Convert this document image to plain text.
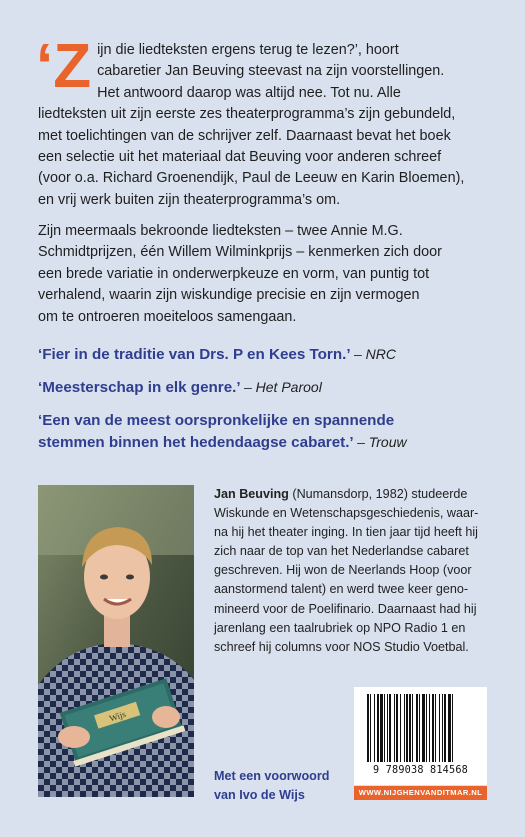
‘Z ijn die liedteksten ergens terug te lezen?’, hoort
cabaretier Jan Beuving steevast na zijn voorstellingen.
Het antwoord daarop was altijd nee. Tot nu. Alle
liedteksten uit zijn eerste zes theaterprogramma’s zijn gebundeld,
met toelichtingen van de schrijver zelf. Daarnaast bevat het boek
een selectie uit het materiaal dat Beuving voor anderen schreef
(voor o.a. Richard Groenendijk, Paul de Leeuw en Karin Bloemen),
en vrij werk buiten zijn theaterprogramma’s om.
Zijn meermaals bekroonde liedteksten – twee Annie M.G.
Schmidtprijzen, één Willem Wilminkprijs – kenmerken zich door
een brede variatie in onderwerpkeuze en vorm, van puntig tot
verhalend, waarin zijn wiskundige precisie en zijn vermogen
om te ontroeren moeiteloos samengaan.
‘Fier in de traditie van Drs. P en Kees Torn.’ – NRC
‘Meesterschap in elk genre.’ – Het Parool
‘Een van de meest oorspronkelijke en spannende
stemmen binnen het hedendaagse cabaret.’ – Trouw
Wijs
Jan Beuving (Numansdorp, 1982) studeerde
Wiskunde en Wetenschapsgeschiedenis, waar-
na hij het theater inging. In tien jaar tijd heeft hij
zich naar de top van het Nederlandse cabaret
geschreven. Hij won de Neerlands Hoop (voor
aanstormend talent) en werd twee keer geno-
mineerd voor de Poelifinario. Daarnaast had hij
jarenlang een taalrubriek op NPO Radio 1 en
schreef hij columns voor NOS Studio Voetbal.
Met een voorwoord
van Ivo de Wijs
9 789038 814568
WWW.NIJGHENVANDITMAR.NL
